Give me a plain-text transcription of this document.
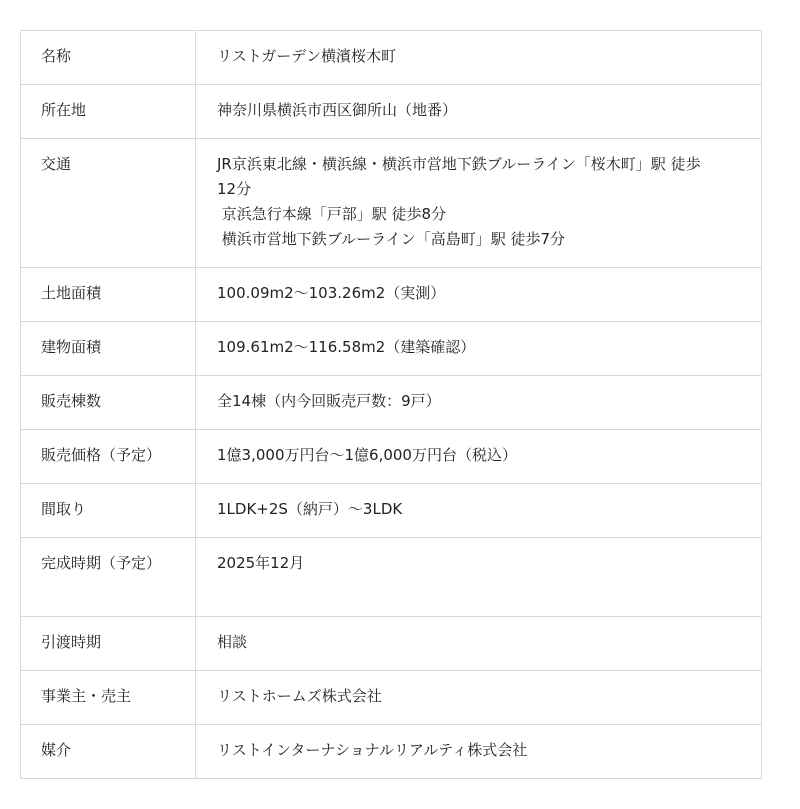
名称	リストガーデン横濱桜木町

所在地	神奈川県横浜市西区御所山（地番）

交通	JR京浜東北線・横浜線・横浜市営地下鉄ブルーライン「桜木町」駅 徒歩
12分
京浜急行本線「戸部」駅 徒歩8分
横浜市営地下鉄ブルーライン「高島町」駅 徒歩7分

土地面積	100.09m2〜103.26m2（実測）

建物面積	109.61m2〜116.58m2（建築確認）

販売棟数	全14棟（内今回販売戸数：9戸）

販売価格（予定）	1億3,000万円台〜1億6,000万円台（税込）

間取り	1LDK+2S（納戸）〜3LDK

完成時期（予定）	2025年12月

引渡時期	相談

事業主・売主	リストホームズ株式会社

媒介	リストインターナショナルリアルティ株式会社
